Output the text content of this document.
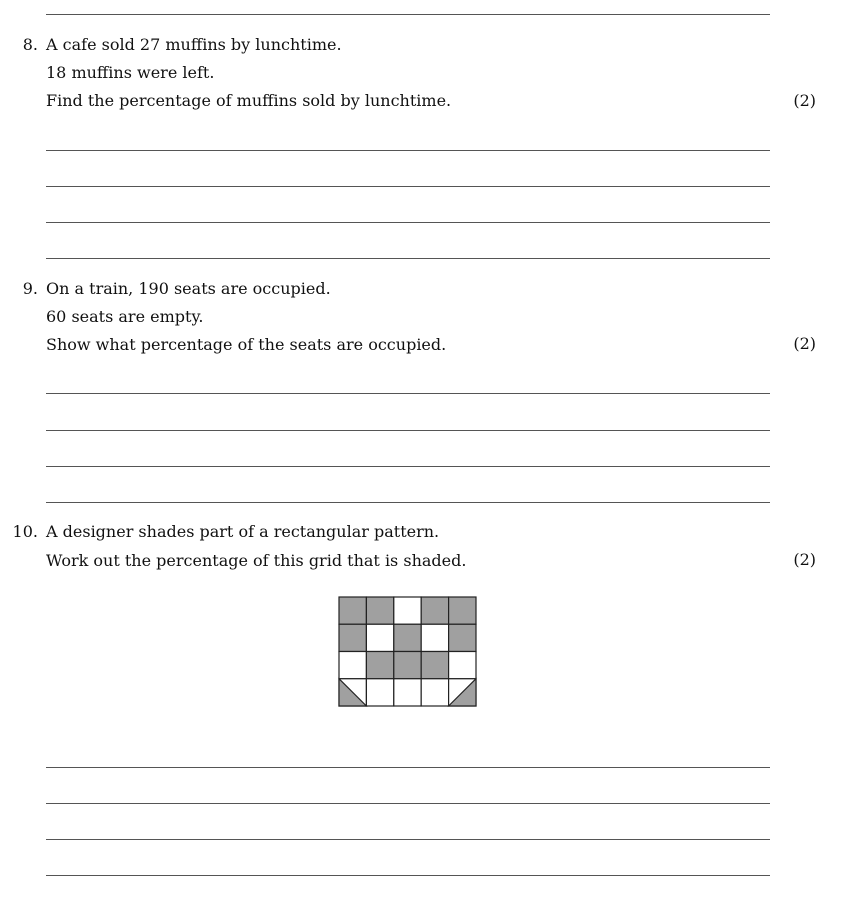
8. A cafe sold 27 muffins by lunchtime.
18 muffins were left.
Find the percentage of muffins sold by lunchtime.	(2)
9. On a train, 190 seats are occupied.
60 seats are empty.
Show what percentage of the seats are occupied.	(2)
10. A designer shades part of a rectangular pattern.
Work out the percentage of this grid that is shaded.	(2)
